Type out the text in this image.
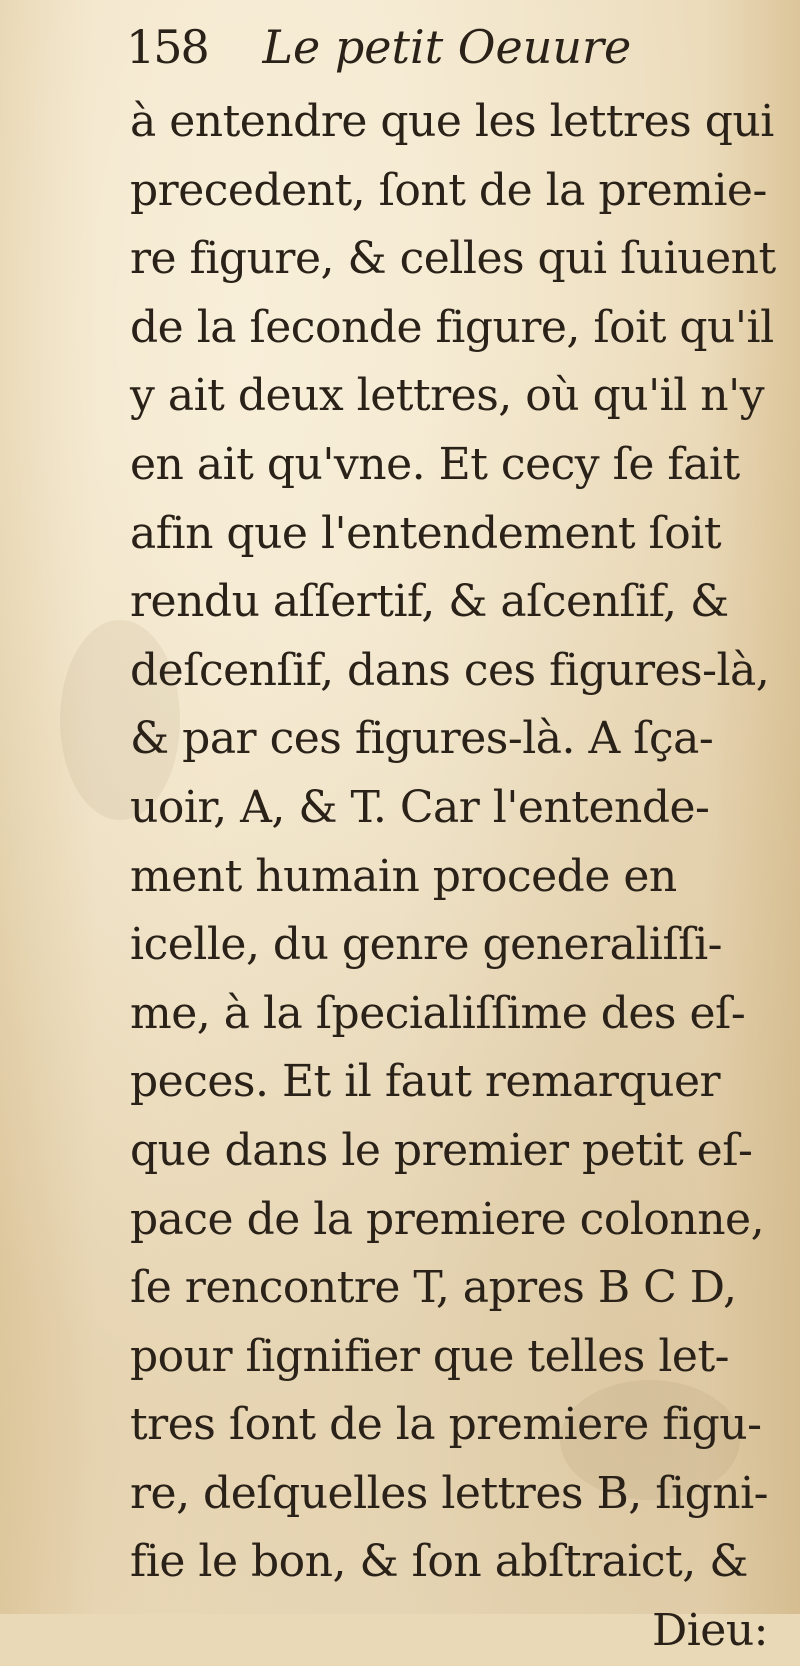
158 Le petit Oeuure
à entendre que les lettres qui
precedent, ſont de la premie-
re figure, & celles qui ſuiuent
de la ſeconde figure, ſoit qu'il
y ait deux lettres, où qu'il n'y
en ait qu'vne. Et cecy ſe fait
afin que l'entendement ſoit
rendu aſſertif, & aſcenſif, &
deſcenſif, dans ces figures-là,
& par ces figures-là. A ſça-
uoir, A, & T. Car l'entende-
ment humain procede en
icelle, du genre generaliſſi-
me, à la ſpecialiſſime des eſ-
peces. Et il faut remarquer
que dans le premier petit eſ-
pace de la premiere colonne,
ſe rencontre T, apres B C D,
pour ſignifier que telles let-
tres ſont de la premiere figu-
re, deſquelles lettres B, ſigni-
fie le bon, & ſon abſtraict, &
Dieu:
